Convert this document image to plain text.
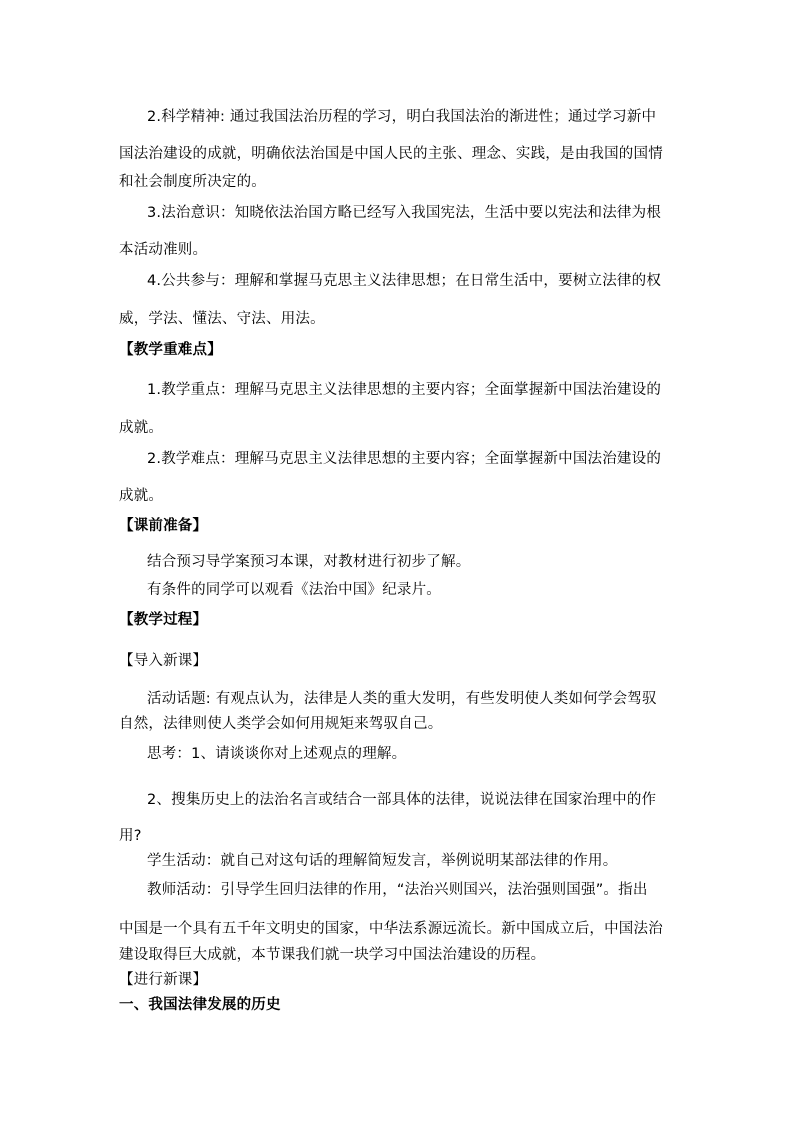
2.科学精神: 通过我国法治历程的学习，明白我国法治的渐进性；通过学习新中
国法治建设的成就，明确依法治国是中国人民的主张、理念、实践，是由我国的国情
和社会制度所决定的。
3.法治意识：知晓依法治国方略已经写入我国宪法，生活中要以宪法和法律为根
本活动准则。
4.公共参与：理解和掌握马克思主义法律思想；在日常生活中，要树立法律的权
威，学法、懂法、守法、用法。
【教学重难点】
1.教学重点：理解马克思主义法律思想的主要内容；全面掌握新中国法治建设的
成就。
2.教学难点：理解马克思主义法律思想的主要内容；全面掌握新中国法治建设的
成就。
【课前准备】
结合预习导学案预习本课，对教材进行初步了解。
有条件的同学可以观看《法治中国》纪录片。
【教学过程】
【导入新课】
活动话题: 有观点认为，法律是人类的重大发明，有些发明使人类如何学会驾驭
自然，法律则使人类学会如何用规矩来驾驭自己。
思考：1、请谈谈你对上述观点的理解。
2、搜集历史上的法治名言或结合一部具体的法律，说说法律在国家治理中的作
用?
学生活动：就自己对这句话的理解简短发言，举例说明某部法律的作用。
教师活动：引导学生回归法律的作用，“法治兴则国兴，法治强则国强”。指出
中国是一个具有五千年文明史的国家，中华法系源远流长。新中国成立后，中国法治
建设取得巨大成就，本节课我们就一块学习中国法治建设的历程。
【进行新课】
一、我国法律发展的历史
